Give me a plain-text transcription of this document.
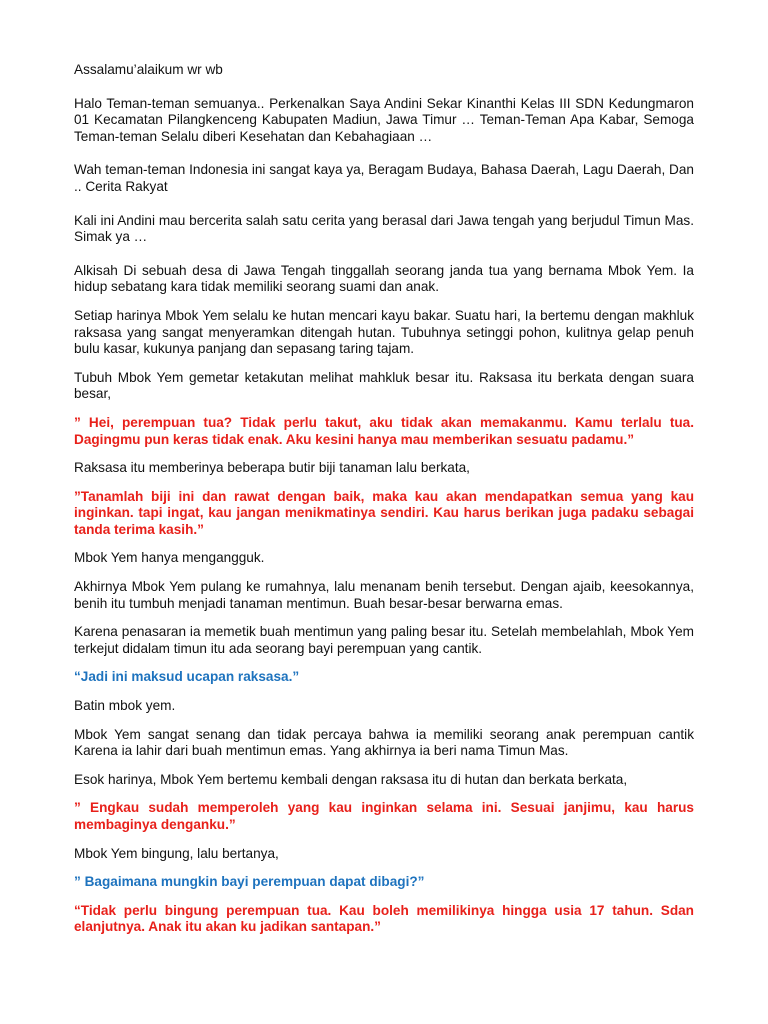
Assalamu’alaikum wr wb

Halo Teman-teman semuanya.. Perkenalkan Saya Andini Sekar Kinanthi Kelas III SDN Kedungmaron 01 Kecamatan Pilangkenceng Kabupaten Madiun, Jawa Timur … Teman-Teman Apa Kabar, Semoga Teman-teman Selalu diberi Kesehatan dan Kebahagiaan …

Wah teman-teman Indonesia ini sangat kaya ya, Beragam Budaya, Bahasa Daerah, Lagu Daerah, Dan .. Cerita Rakyat

Kali ini Andini mau bercerita salah satu cerita yang berasal dari Jawa tengah yang berjudul Timun Mas. Simak ya …

Alkisah Di sebuah desa di Jawa Tengah tinggallah seorang janda tua yang bernama Mbok Yem. Ia hidup sebatang kara tidak memiliki seorang suami dan anak.

Setiap harinya Mbok Yem selalu ke hutan mencari kayu bakar. Suatu hari, Ia bertemu dengan makhluk raksasa yang sangat menyeramkan ditengah hutan. Tubuhnya setinggi pohon, kulitnya gelap penuh bulu kasar, kukunya panjang dan sepasang taring tajam.

Tubuh Mbok Yem gemetar ketakutan melihat mahkluk besar itu. Raksasa itu berkata dengan suara besar,

” Hei, perempuan tua? Tidak perlu takut, aku tidak akan memakanmu. Kamu terlalu tua. Dagingmu pun keras tidak enak. Aku kesini hanya mau memberikan sesuatu padamu.”

Raksasa itu memberinya beberapa butir biji tanaman lalu berkata,

”Tanamlah biji ini dan rawat dengan baik, maka kau akan mendapatkan semua yang kau inginkan. tapi ingat, kau jangan menikmatinya sendiri. Kau harus berikan juga padaku sebagai tanda terima kasih.”

Mbok Yem hanya mengangguk.

Akhirnya Mbok Yem pulang ke rumahnya, lalu menanam benih tersebut. Dengan ajaib, keesokannya, benih itu tumbuh menjadi tanaman mentimun. Buah besar-besar berwarna emas.

Karena penasaran ia memetik buah mentimun yang paling besar itu. Setelah membelahlah, Mbok Yem terkejut didalam timun itu ada seorang bayi perempuan yang cantik.

“Jadi ini maksud ucapan raksasa.”

Batin mbok yem.

Mbok Yem sangat senang dan tidak percaya bahwa ia memiliki seorang anak perempuan cantik Karena ia lahir dari buah mentimun emas. Yang akhirnya ia beri nama Timun Mas.

Esok harinya, Mbok Yem bertemu kembali dengan raksasa itu di hutan dan berkata berkata,

” Engkau sudah memperoleh yang kau inginkan selama ini. Sesuai janjimu, kau harus membaginya denganku.”

Mbok Yem bingung, lalu bertanya,

” Bagaimana mungkin bayi perempuan dapat dibagi?”

“Tidak perlu bingung perempuan tua. Kau boleh memilikinya hingga usia 17 tahun. Sdan elanjutnya. Anak itu akan ku jadikan santapan.”
